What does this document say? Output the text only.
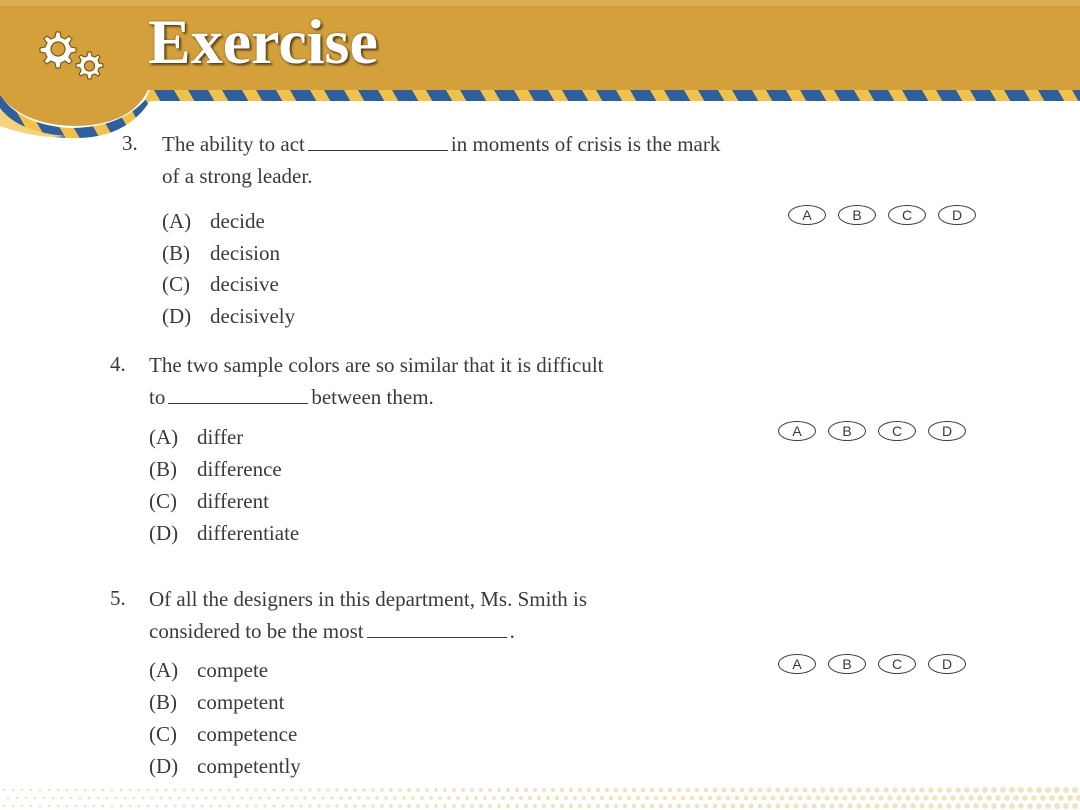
Exercise
3. The ability to act	in moments of crisis is the mark
of a strong leader.
(A) decide
(B) decision
(C) decisive
(D) decisively
A	B	C	D
4. The two sample colors are so similar that it is difficult
to	between them.
(A) differ
(B) difference
(C) different
(D) differentiate
A	B	C	D
5. Of all the designers in this department, Ms. Smith is
considered to be the most	.
(A) compete
(B) competent
(C) competence
(D) competently
A	B	C	D
